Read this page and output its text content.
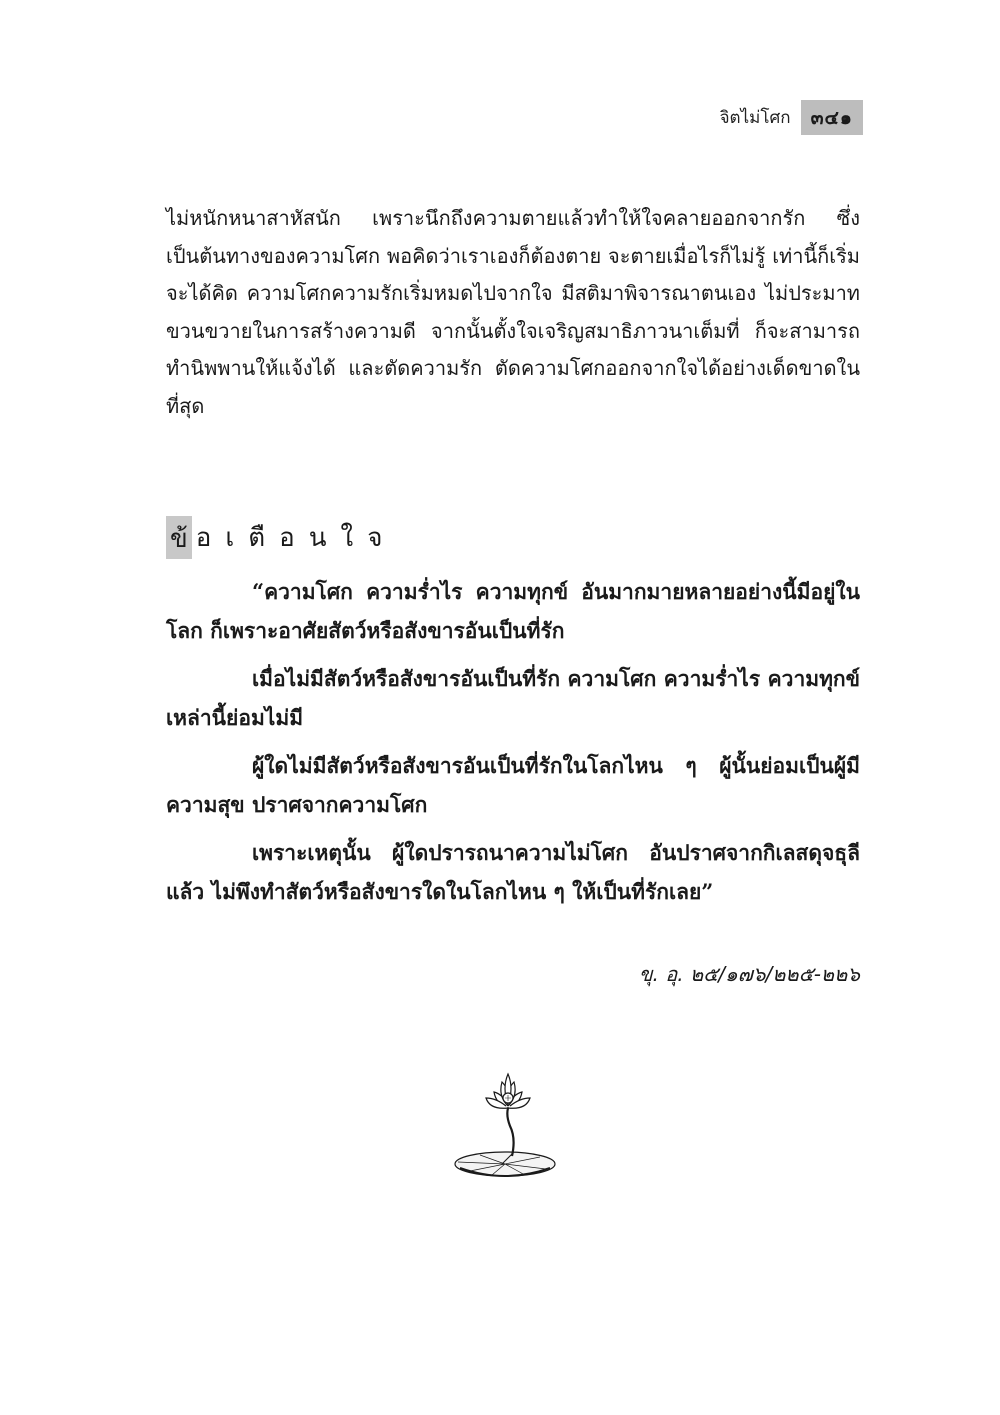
จิตไม่โศก	๓๔๑

ไม่หนักหนาสาหัสนัก เพราะนึกถึงความตายแล้วทำให้ใจคลายออกจากรัก ซึ่งเป็นต้นทางของความโศก พอคิดว่าเราเองก็ต้องตาย จะตายเมื่อไรก็ไม่รู้ เท่านี้ก็เริ่มจะได้คิด ความโศกความรักเริ่มหมดไปจากใจ มีสติมาพิจารณาตนเอง ไม่ประมาท ขวนขวายในการสร้างความดี จากนั้นตั้งใจเจริญสมาธิภาวนาเต็มที่ ก็จะสามารถทำนิพพานให้แจ้งได้ และตัดความรัก ตัดความโศกออกจากใจได้อย่างเด็ดขาดในที่สุด

ข้ อเตือนใจ

“ความโศก ความร่ำไร ความทุกข์ อันมากมายหลายอย่างนี้มีอยู่ในโลก ก็เพราะอาศัยสัตว์หรือสังขารอันเป็นที่รัก

เมื่อไม่มีสัตว์หรือสังขารอันเป็นที่รัก ความโศก ความร่ำไร ความทุกข์ เหล่านี้ย่อมไม่มี

ผู้ใดไม่มีสัตว์หรือสังขารอันเป็นที่รักในโลกไหน ๆ ผู้นั้นย่อมเป็นผู้มีความสุข ปราศจากความโศก

เพราะเหตุนั้น ผู้ใดปรารถนาความไม่โศก อันปราศจากกิเลสดุจธุลีแล้ว ไม่พึงทำสัตว์หรือสังขารใดในโลกไหน ๆ ให้เป็นที่รักเลย”

ขุ. อุ. ๒๕/๑๗๖/๒๒๕-๒๒๖
